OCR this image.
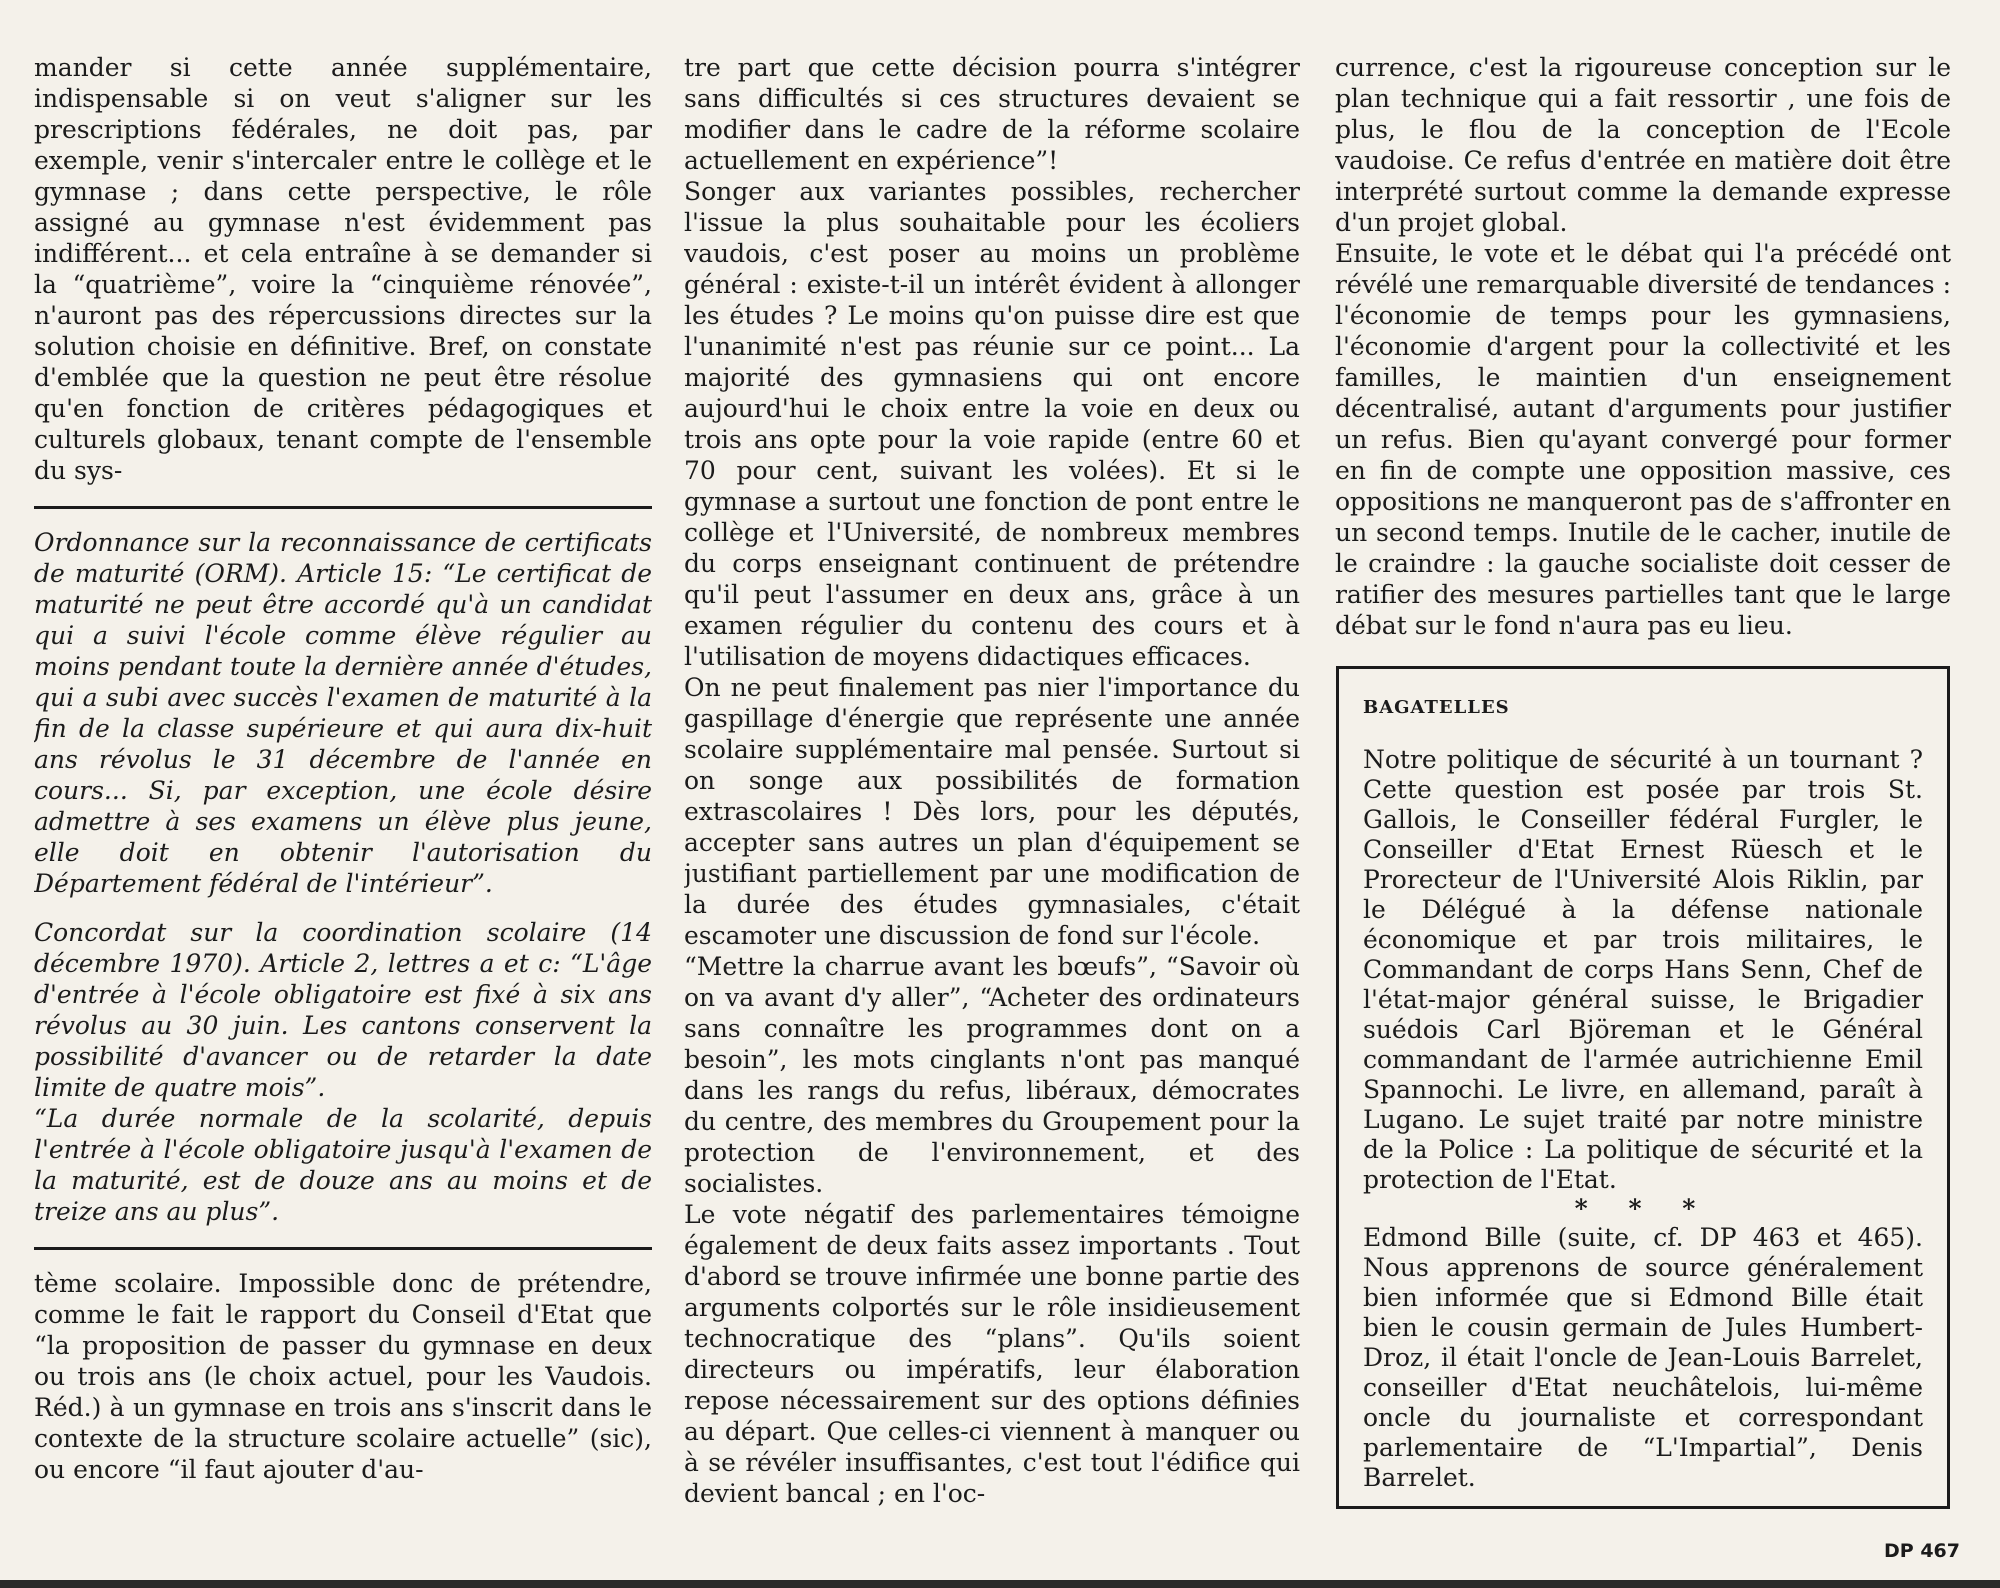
mander si cette année supplémentaire, indispensable si on veut s'aligner sur les prescriptions fédérales, ne doit pas, par exemple, venir s'intercaler entre le collège et le gymnase ; dans cette perspective, le rôle assigné au gymnase n'est évidemment pas indifférent... et cela entraîne à se demander si la “quatrième”, voire la “cinquième rénovée”, n'auront pas des répercussions directes sur la solution choisie en définitive. Bref, on constate d'emblée que la question ne peut être résolue qu'en fonction de critères pédagogiques et culturels globaux, tenant compte de l'ensemble du sys-

Ordonnance sur la reconnaissance de certificats de maturité (ORM). Article 15: “Le certificat de maturité ne peut être accordé qu'à un candidat qui a suivi l'école comme élève régulier au moins pendant toute la dernière année d'études, qui a subi avec succès l'examen de maturité à la fin de la classe supérieure et qui aura dix-huit ans révolus le 31 décembre de l'année en cours... Si, par exception, une école désire admettre à ses examens un élève plus jeune, elle doit en obtenir l'autorisation du Département fédéral de l'intérieur”.

Concordat sur la coordination scolaire (14 décembre 1970). Article 2, lettres a et c: “L'âge d'entrée à l'école obligatoire est fixé à six ans révolus au 30 juin. Les cantons conservent la possibilité d'avancer ou de retarder la date limite de quatre mois”.

“La durée normale de la scolarité, depuis l'entrée à l'école obligatoire jusqu'à l'examen de la maturité, est de douze ans au moins et de treize ans au plus”.

tème scolaire. Impossible donc de prétendre, comme le fait le rapport du Conseil d'Etat que “la proposition de passer du gymnase en deux ou trois ans (le choix actuel, pour les Vaudois. Réd.) à un gymnase en trois ans s'inscrit dans le contexte de la structure scolaire actuelle” (sic), ou encore “il faut ajouter d'au-

tre part que cette décision pourra s'intégrer sans difficultés si ces structures devaient se modifier dans le cadre de la réforme scolaire actuellement en expérience”!

Songer aux variantes possibles, rechercher l'issue la plus souhaitable pour les écoliers vaudois, c'est poser au moins un problème général : existe-t-il un intérêt évident à allonger les études ? Le moins qu'on puisse dire est que l'unanimité n'est pas réunie sur ce point... La majorité des gymnasiens qui ont encore aujourd'hui le choix entre la voie en deux ou trois ans opte pour la voie rapide (entre 60 et 70 pour cent, suivant les volées). Et si le gymnase a surtout une fonction de pont entre le collège et l'Université, de nombreux membres du corps enseignant continuent de prétendre qu'il peut l'assumer en deux ans, grâce à un examen régulier du contenu des cours et à l'utilisation de moyens didactiques efficaces.

On ne peut finalement pas nier l'importance du gaspillage d'énergie que représente une année scolaire supplémentaire mal pensée. Surtout si on songe aux possibilités de formation extrascolaires ! Dès lors, pour les députés, accepter sans autres un plan d'équipement se justifiant partiellement par une modification de la durée des études gymnasiales, c'était escamoter une discussion de fond sur l'école.

“Mettre la charrue avant les bœufs”, “Savoir où on va avant d'y aller”, “Acheter des ordinateurs sans connaître les programmes dont on a besoin”, les mots cinglants n'ont pas manqué dans les rangs du refus, libéraux, démocrates du centre, des membres du Groupement pour la protection de l'environnement, et des socialistes.

Le vote négatif des parlementaires témoigne également de deux faits assez importants . Tout d'abord se trouve infirmée une bonne partie des arguments colportés sur le rôle insidieusement technocratique des “plans”. Qu'ils soient directeurs ou impératifs, leur élaboration repose nécessairement sur des options définies au départ. Que celles-ci viennent à manquer ou à se révéler insuffisantes, c'est tout l'édifice qui devient bancal ; en l'oc-

currence, c'est la rigoureuse conception sur le plan technique qui a fait ressortir , une fois de plus, le flou de la conception de l'Ecole vaudoise. Ce refus d'entrée en matière doit être interprété surtout comme la demande expresse d'un projet global.

Ensuite, le vote et le débat qui l'a précédé ont révélé une remarquable diversité de tendances : l'économie de temps pour les gymnasiens, l'économie d'argent pour la collectivité et les familles, le maintien d'un enseignement décentralisé, autant d'arguments pour justifier un refus. Bien qu'ayant convergé pour former en fin de compte une opposition massive, ces oppositions ne manqueront pas de s'affronter en un second temps. Inutile de le cacher, inutile de le craindre : la gauche socialiste doit cesser de ratifier des mesures partielles tant que le large débat sur le fond n'aura pas eu lieu.

BAGATELLES

Notre politique de sécurité à un tournant ? Cette question est posée par trois St. Gallois, le Conseiller fédéral Furgler, le Conseiller d'Etat Ernest Rüesch et le Prorecteur de l'Université Alois Riklin, par le Délégué à la défense nationale économique et par trois militaires, le Commandant de corps Hans Senn, Chef de l'état-major général suisse, le Brigadier suédois Carl Björeman et le Général commandant de l'armée autrichienne Emil Spannochi. Le livre, en allemand, paraît à Lugano. Le sujet traité par notre ministre de la Police : La politique de sécurité et la protection de l'Etat.

* * *

Edmond Bille (suite, cf. DP 463 et 465). Nous apprenons de source généralement bien informée que si Edmond Bille était bien le cousin germain de Jules Humbert-Droz, il était l'oncle de Jean-Louis Barrelet, conseiller d'Etat neuchâtelois, lui-même oncle du journaliste et correspondant parlementaire de “L'Impartial”, Denis Barrelet.

DP 467
